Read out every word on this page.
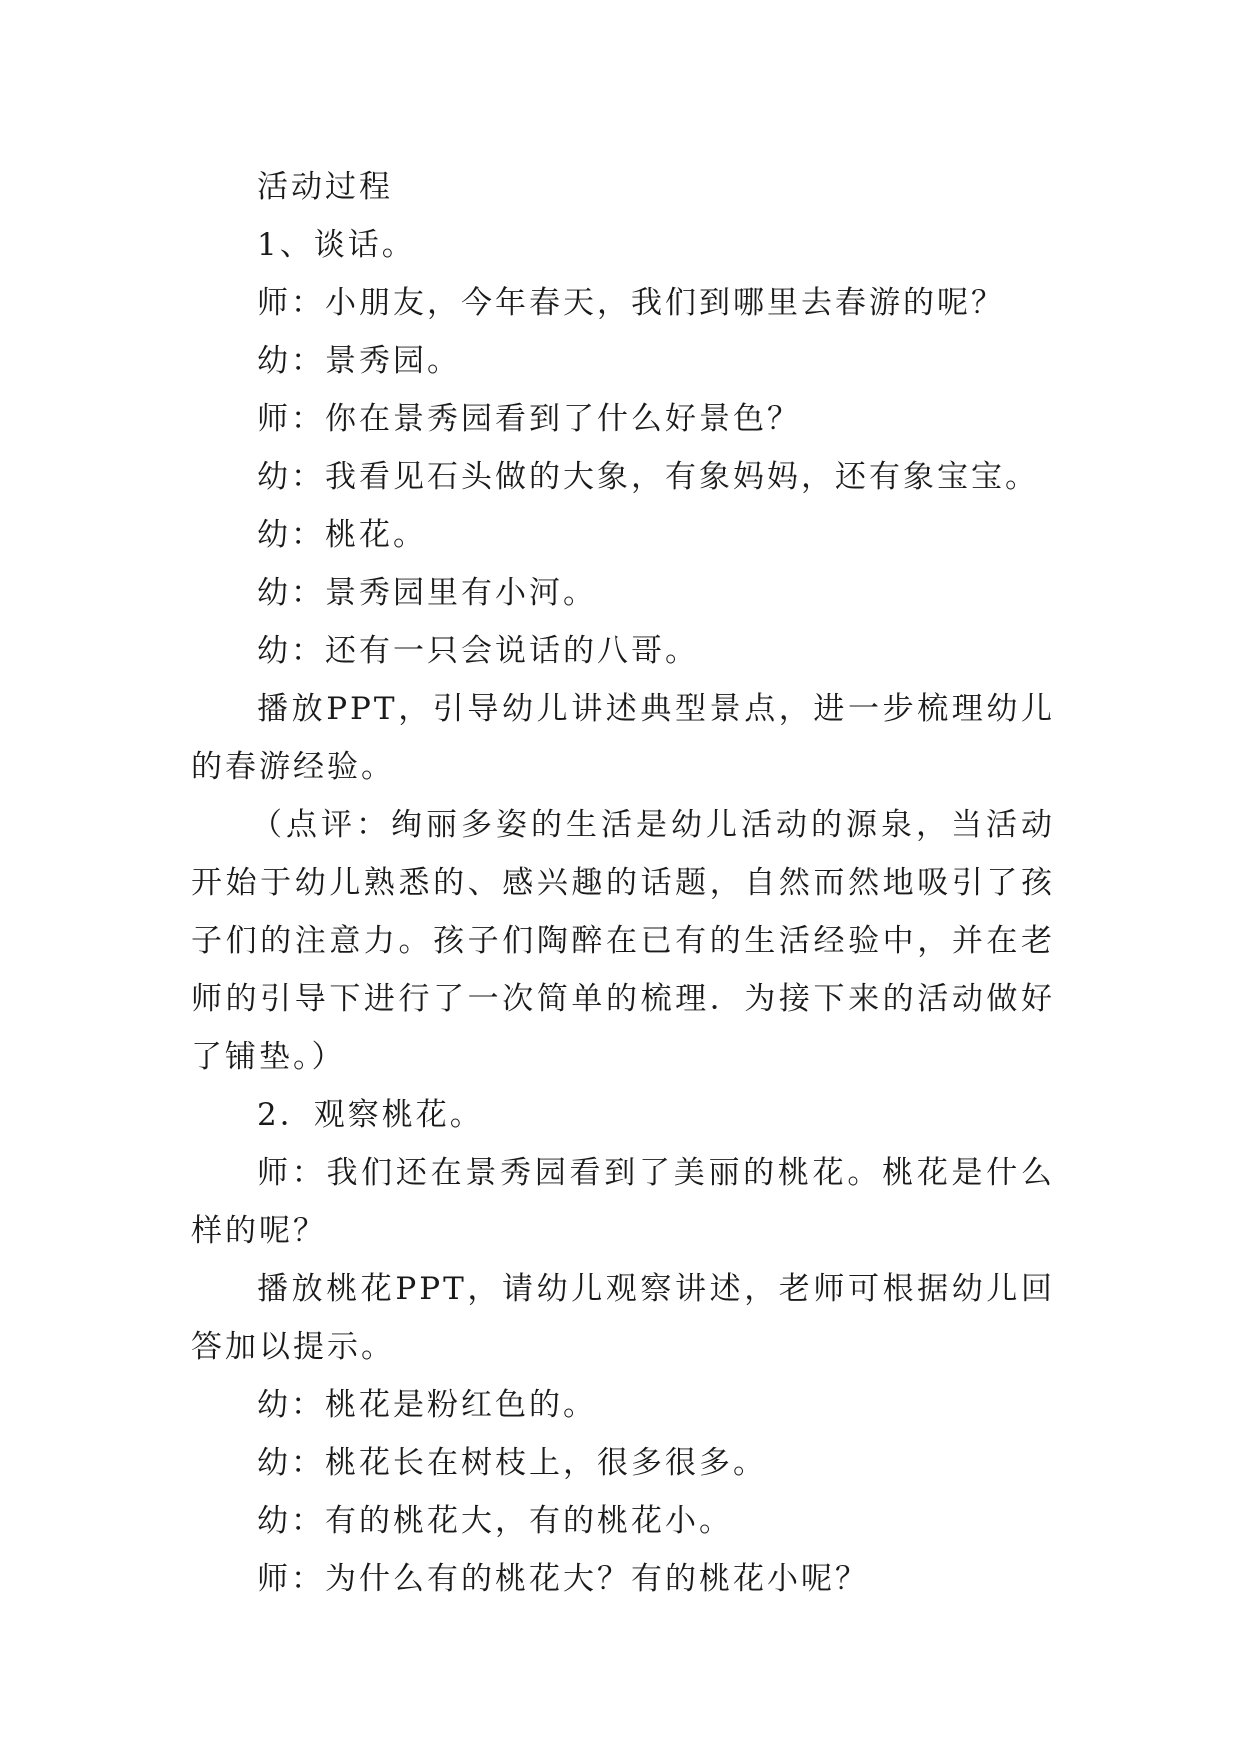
活动过程

1、谈话。

师：小朋友，今年春天，我们到哪里去春游的呢？

幼：景秀园。

师：你在景秀园看到了什么好景色？

幼：我看见石头做的大象，有象妈妈，还有象宝宝。

幼：桃花。

幼：景秀园里有小河。

幼：还有一只会说话的八哥。

播放PPT，引导幼儿讲述典型景点，进一步梳理幼儿的春游经验。

（点评：绚丽多姿的生活是幼儿活动的源泉，当活动开始于幼儿熟悉的、感兴趣的话题，自然而然地吸引了孩子们的注意力。孩子们陶醉在已有的生活经验中，并在老师的引导下进行了一次简单的梳理．为接下来的活动做好了铺垫。）

2．观察桃花。

师：我们还在景秀园看到了美丽的桃花。桃花是什么样的呢？

播放桃花PPT，请幼儿观察讲述，老师可根据幼儿回答加以提示。

幼：桃花是粉红色的。

幼：桃花长在树枝上，很多很多。

幼：有的桃花大，有的桃花小。

师：为什么有的桃花大？有的桃花小呢？
